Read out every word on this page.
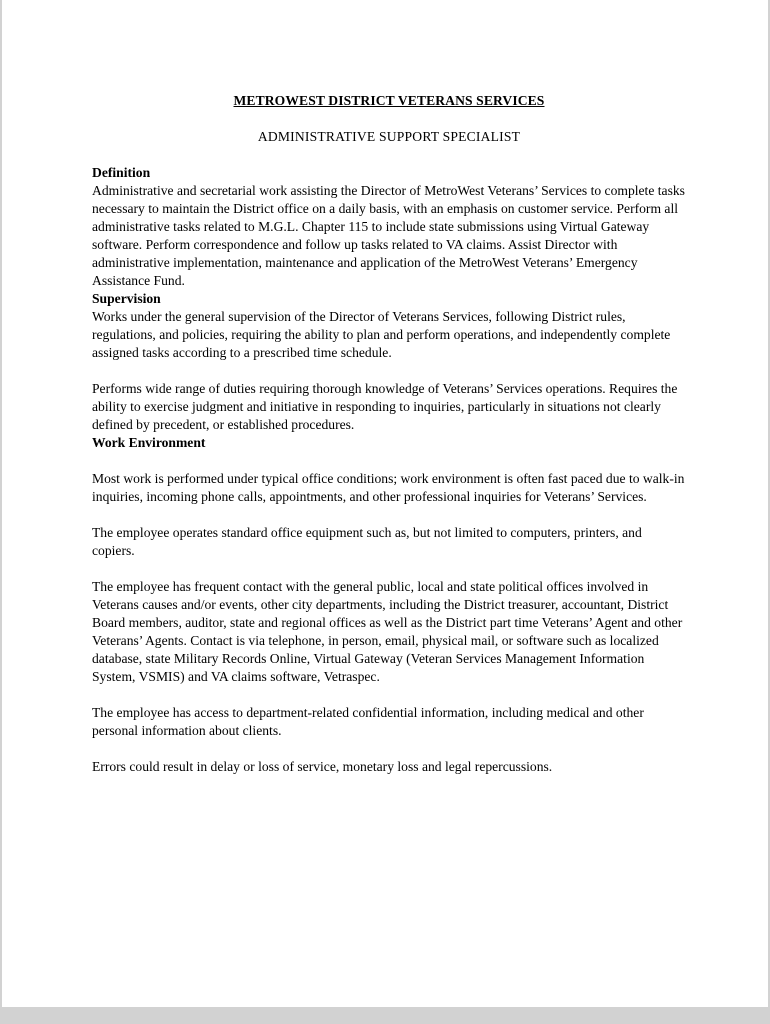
METROWEST DISTRICT VETERANS SERVICES
ADMINISTRATIVE SUPPORT SPECIALIST
Definition

Administrative and secretarial work assisting the Director of MetroWest Veterans’ Services to complete tasks necessary to maintain the District office on a daily basis, with an emphasis on customer service. Perform all administrative tasks related to M.G.L. Chapter 115 to include state submissions using Virtual Gateway software. Perform correspondence and follow up tasks related to VA claims. Assist Director with administrative implementation, maintenance and application of the MetroWest Veterans’ Emergency Assistance Fund.

Supervision

Works under the general supervision of the Director of Veterans Services, following District rules, regulations, and policies, requiring the ability to plan and perform operations, and independently complete assigned tasks according to a prescribed time schedule.

Performs wide range of duties requiring thorough knowledge of Veterans’ Services operations. Requires the ability to exercise judgment and initiative in responding to inquiries, particularly in situations not clearly defined by precedent, or established procedures.

Work Environment

Most work is performed under typical office conditions; work environment is often fast paced due to walk-in inquiries, incoming phone calls, appointments, and other professional inquiries for Veterans’ Services.

The employee operates standard office equipment such as, but not limited to computers, printers, and copiers.

The employee has frequent contact with the general public, local and state political offices involved in Veterans causes and/or events, other city departments, including the District treasurer, accountant, District Board members, auditor, state and regional offices as well as the District part time Veterans’ Agent and other Veterans’ Agents. Contact is via telephone, in person, email, physical mail, or software such as localized database, state Military Records Online, Virtual Gateway (Veteran Services Management Information System, VSMIS) and VA claims software, Vetraspec.

The employee has access to department-related confidential information, including medical and other personal information about clients.

Errors could result in delay or loss of service, monetary loss and legal repercussions.
